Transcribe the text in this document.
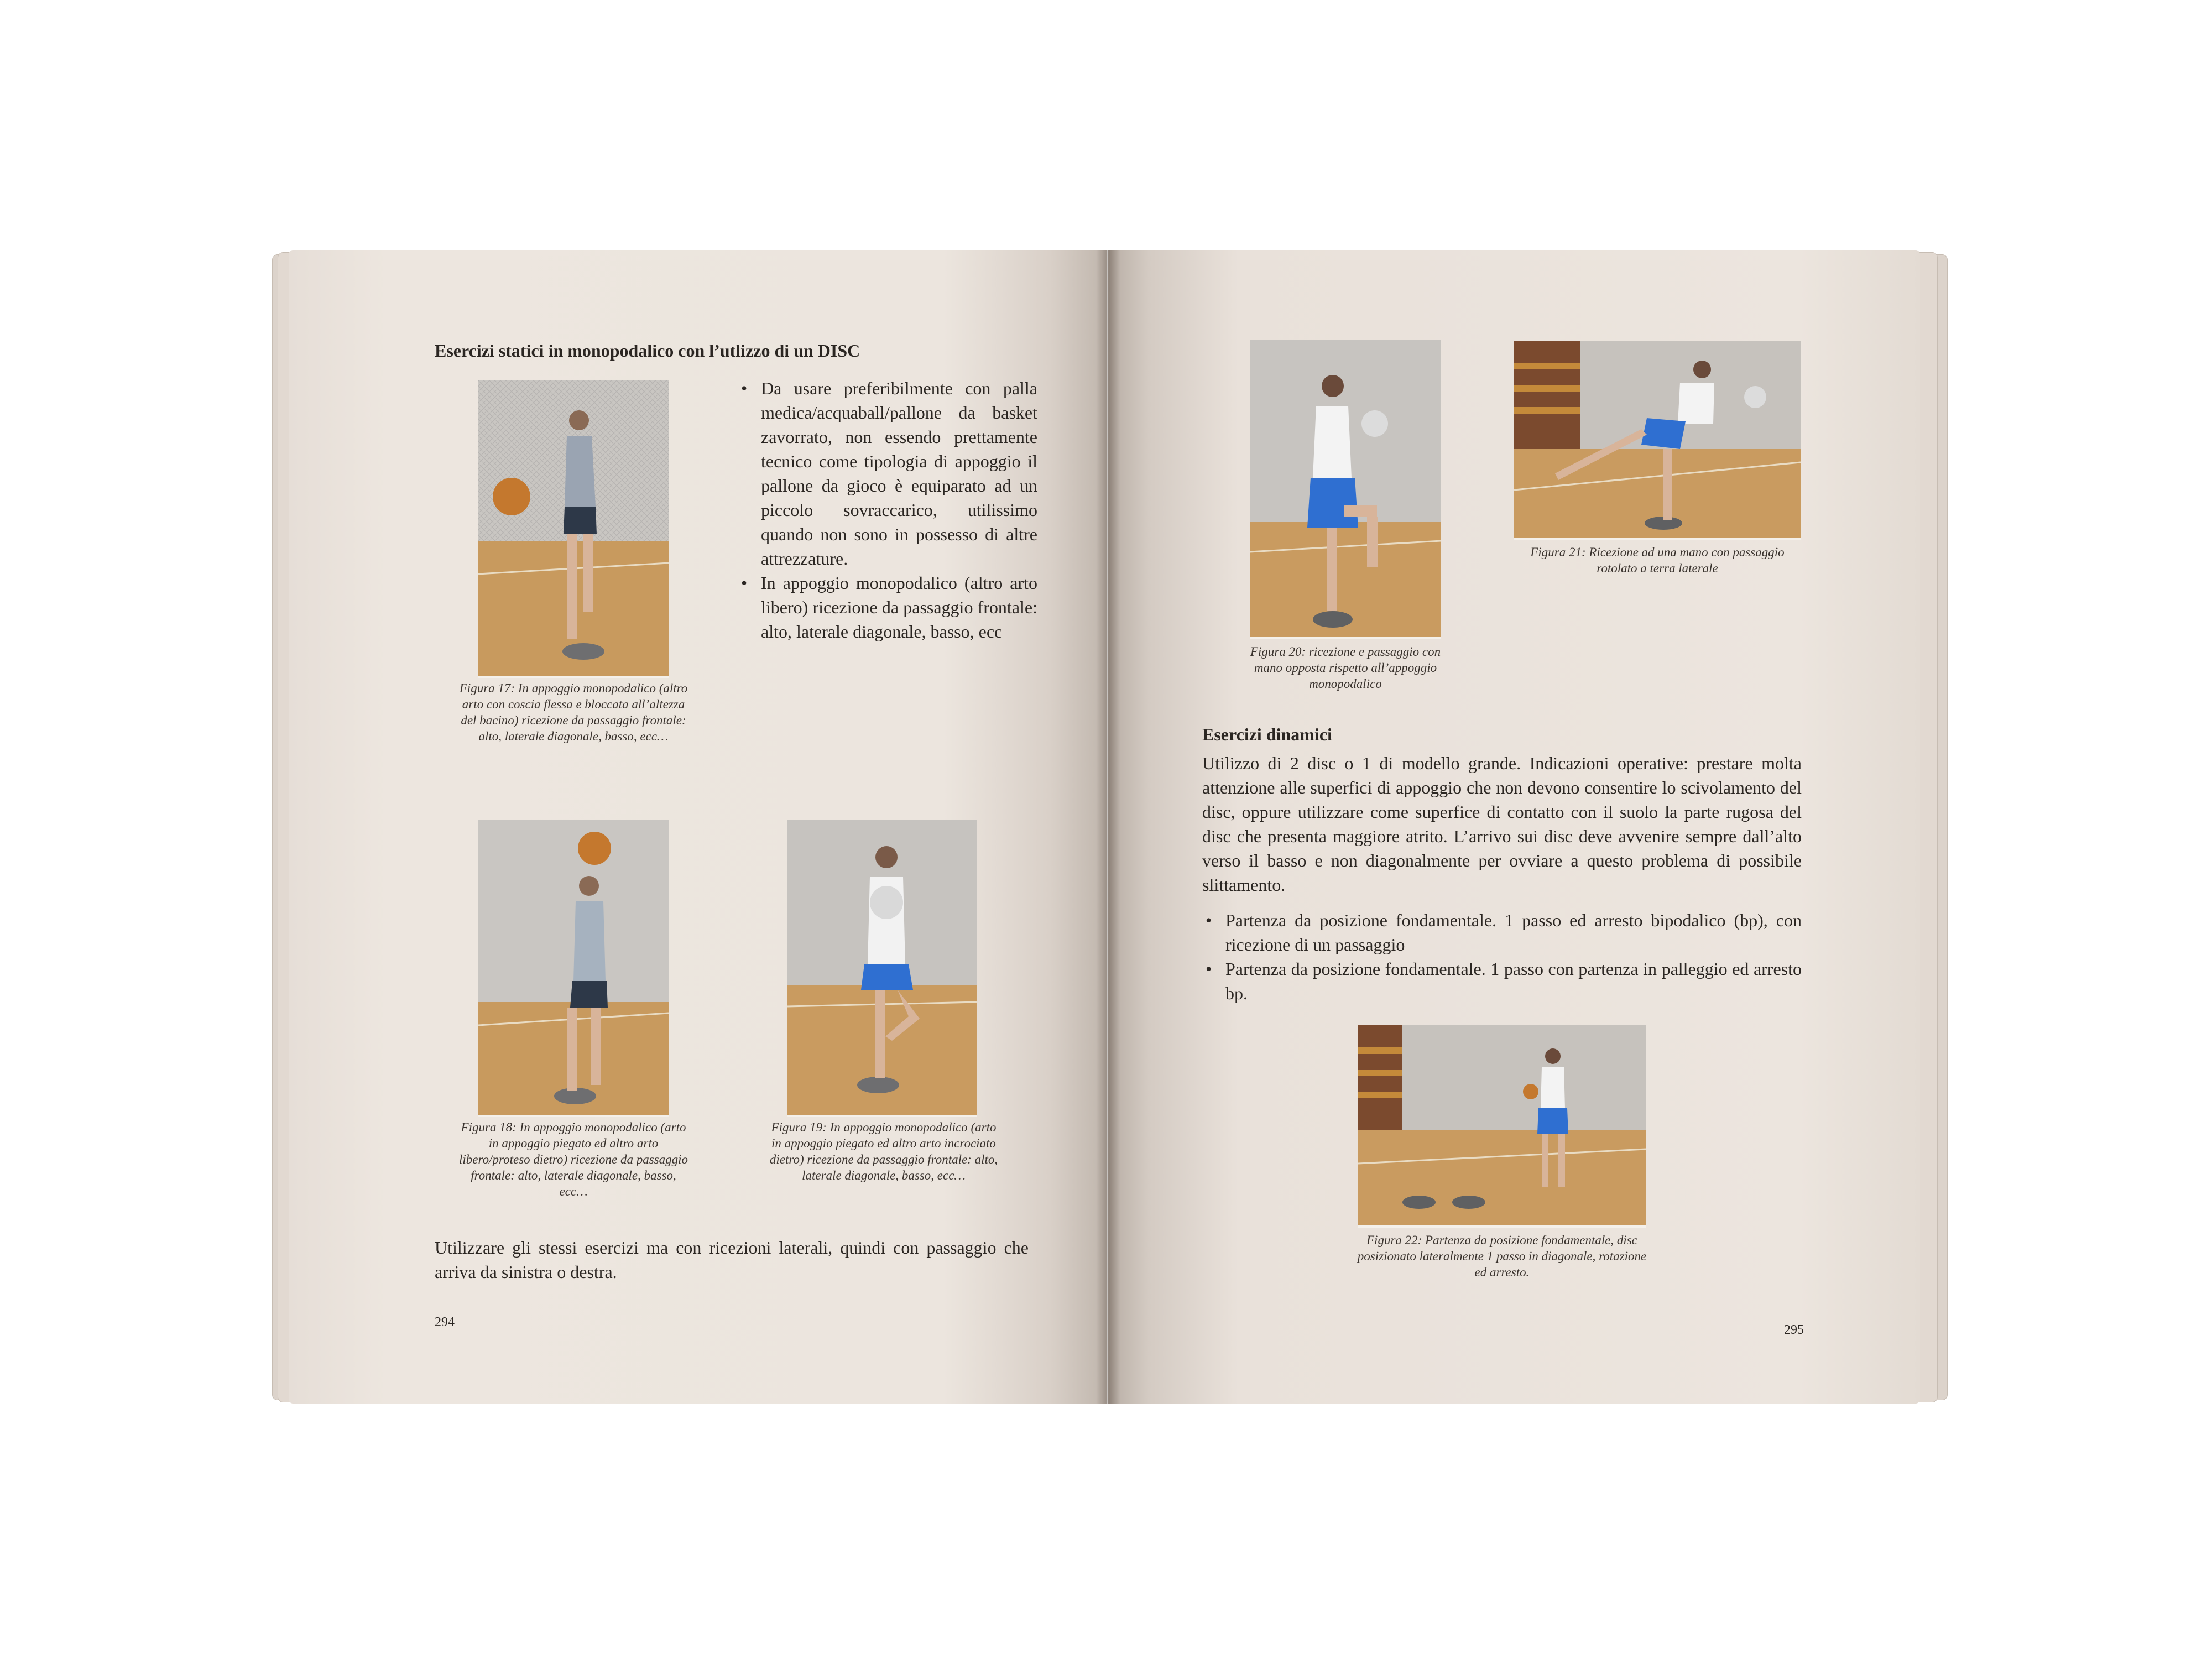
Esercizi statici in monopodalico con l’utlizzo di un DISC
Figura 17: In appoggio monopodalico (altro arto con coscia flessa e bloccata all’altezza del bacino) ricezione da passaggio frontale: alto, laterale diagonale, basso, ecc…
• Da usare preferibilmente con palla medica/acquaball/pallone da basket zavorrato, non essendo prettamente tecnico come tipologia di appoggio il pallone da gioco è equiparato ad un piccolo sovraccarico, utilissimo quando non sono in possesso di altre attrezzature.
• In appoggio monopodalico (altro arto libero) ricezione da passaggio frontale: alto, laterale diagonale, basso, ecc
Figura 18: In appoggio monopodalico (arto in appoggio piegato ed altro arto libero/proteso dietro) ricezione da passaggio frontale: alto, laterale diagonale, basso, ecc…
Figura 19: In appoggio monopodalico (arto in appoggio piegato ed altro arto incrociato dietro) ricezione da passaggio frontale: alto, laterale diagonale, basso, ecc…
Utilizzare gli stessi esercizi ma con ricezioni laterali, quindi con passaggio che arriva da sinistra o destra.
294
Figura 20: ricezione e passaggio con mano opposta rispetto all’appoggio monopodalico
Figura 21: Ricezione ad una mano con passaggio rotolato a terra laterale
Esercizi dinamici
Utilizzo di 2 disc o 1 di modello grande. Indicazioni operative: prestare molta attenzione alle superfici di appoggio che non devono consentire lo scivolamento del disc, oppure utilizzare come superfice di contatto con il suolo la parte rugosa del disc che presenta maggiore atrito. L’arrivo sui disc deve avvenire sempre dall’alto verso il basso e non diagonalmente per ovviare a questo problema di possibile slittamento.
• Partenza da posizione fondamentale. 1 passo ed arresto bipodalico (bp), con ricezione di un passaggio
• Partenza da posizione fondamentale. 1 passo con partenza in palleggio ed arresto bp.
Figura 22: Partenza da posizione fondamentale, disc posizionato lateralmente 1 passo in diagonale, rotazione ed arresto.
295
